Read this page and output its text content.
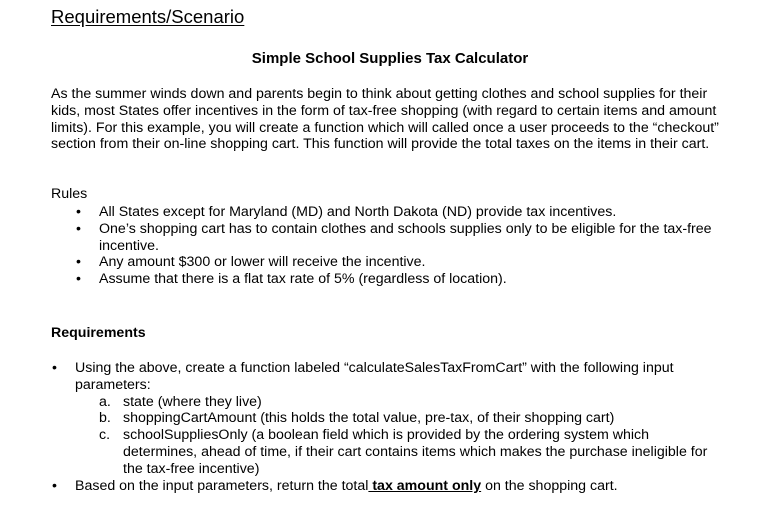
Requirements/Scenario
Simple School Supplies Tax Calculator

As the summer winds down and parents begin to think about getting clothes and school supplies for their kids, most States offer incentives in the form of tax-free shopping (with regard to certain items and amount limits). For this example, you will create a function which will called once a user proceeds to the “checkout” section from their on-line shopping cart. This function will provide the total taxes on the items in their cart.

Rules

• All States except for Maryland (MD) and North Dakota (ND) provide tax incentives.
• One’s shopping cart has to contain clothes and schools supplies only to be eligible for the tax-free incentive.
• Any amount $300 or lower will receive the incentive.
• Assume that there is a flat tax rate of 5% (regardless of location).

Requirements

• Using the above, create a function labeled “calculateSalesTaxFromCart” with the following input parameters:
a. state (where they live)
b. shoppingCartAmount (this holds the total value, pre-tax, of their shopping cart)
c. schoolSuppliesOnly (a boolean field which is provided by the ordering system which determines, ahead of time, if their cart contains items which makes the purchase ineligible for the tax-free incentive)
• Based on the input parameters, return the total tax amount only on the shopping cart.
